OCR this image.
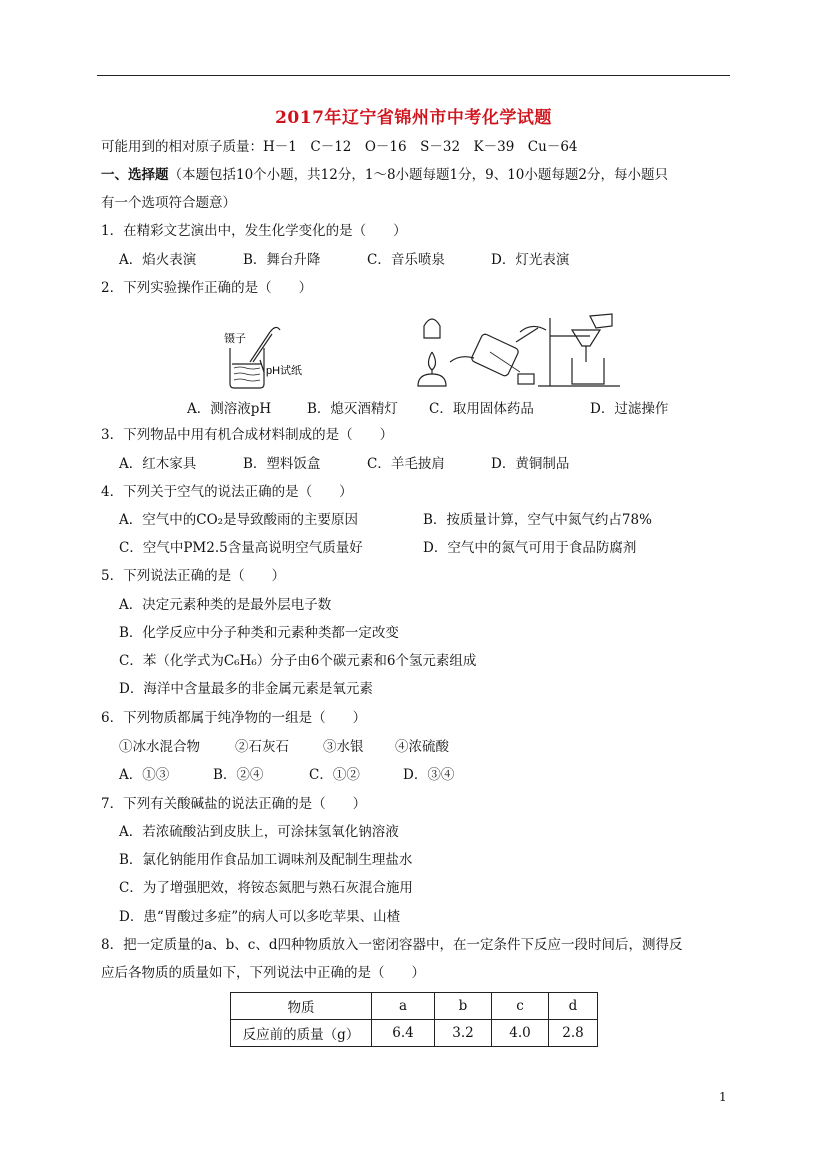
2017年辽宁省锦州市中考化学试题
可能用到的相对原子质量：H－1　C－12　O－16　S－32　K－39　Cu－64
一、选择题（本题包括10个小题，共12分，1～8小题每题1分，9、10小题每题2分，每小题只
有一个选项符合题意）
1．在精彩文艺演出中，发生化学变化的是（　　）
A．焰火表演	B．舞台升降	C．音乐喷泉	D．灯光表演
2．下列实验操作正确的是（　　）
镊子
pH试纸
A．测溶液pH	B．熄灭酒精灯 C．取用固体药品	D．过滤操作
3．下列物品中用有机合成材料制成的是（　　）
A．红木家具	B．塑料饭盒	C．羊毛披肩	D．黄铜制品
4．下列关于空气的说法正确的是（　　）
A．空气中的CO₂是导致酸雨的主要原因	B．按质量计算，空气中氮气约占78%
C．空气中PM2.5含量高说明空气质量好	D．空气中的氮气可用于食品防腐剂
5．下列说法正确的是（　　）
A．决定元素种类的是最外层电子数
B．化学反应中分子种类和元素种类都一定改变
C．苯（化学式为C₆H₆）分子由6个碳元素和6个氢元素组成
D．海洋中含量最多的非金属元素是氧元素
6．下列物质都属于纯净物的一组是（　　）
①冰水混合物	②石灰石	③水银 ④浓硫酸
A．①③	B．②④	C．①②	D．③④
7．下列有关酸碱盐的说法正确的是（　　）
A．若浓硫酸沾到皮肤上，可涂抹氢氧化钠溶液
B．氯化钠能用作食品加工调味剂及配制生理盐水
C．为了增强肥效，将铵态氮肥与熟石灰混合施用
D．患“胃酸过多症”的病人可以多吃苹果、山楂
8．把一定质量的a、b、c、d四种物质放入一密闭容器中，在一定条件下反应一段时间后，测得反
应后各物质的质量如下，下列说法中正确的是（　　）
物质	a	b	c	d
反应前的质量（g）	6.4	3.2	4.0	2.8
1
